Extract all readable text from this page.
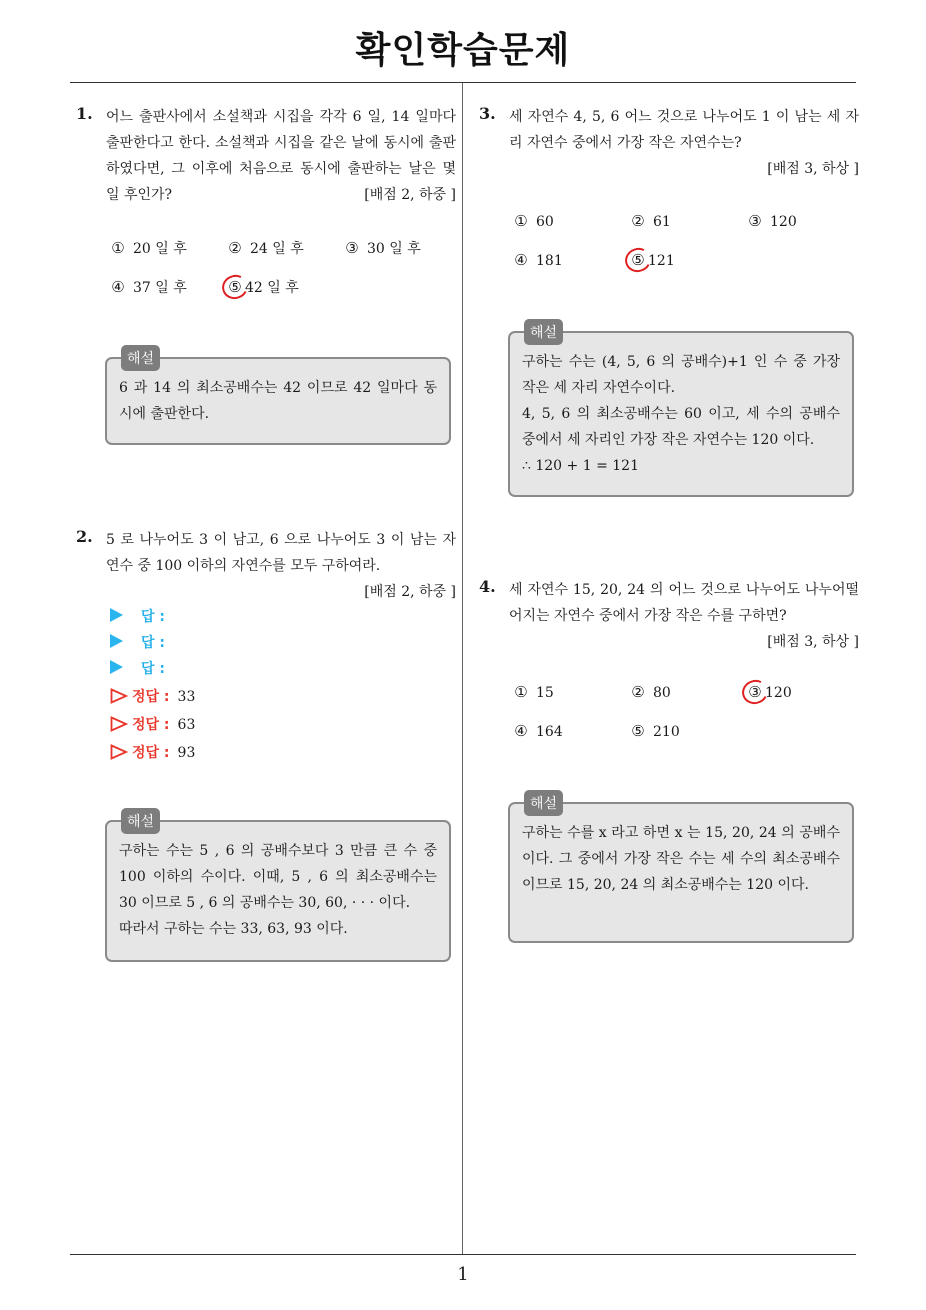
확인학습문제
1. 어느 출판사에서 소설책과 시집을 각각 6 일, 14 일마다 출판한다고 한다. 소설책과 시집을 같은 날에 동시에 출판하였다면, 그 이후에 처음으로 동시에 출판하는 날은 몇 일 후인가?	[배점 2, 하중 ]
① 20 일 후	② 24 일 후	③ 30 일 후
④ 37 일 후	⑤ 42 일 후
해설
6 과 14 의 최소공배수는 42 이므로 42 일마다 동시에 출판한다.
2. 5 로 나누어도 3 이 남고, 6 으로 나누어도 3 이 남는 자연수 중 100 이하의 자연수를 모두 구하여라.
[배점 2, 하중 ]
답 :
답 :
답 :
정답 : 33
정답 : 63
정답 : 93
해설
구하는 수는 5 , 6 의 공배수보다 3 만큼 큰 수 중 100 이하의 수이다. 이때, 5 , 6 의 최소공배수는 30 이므로 5 , 6 의 공배수는 30, 60, · · · 이다.
따라서 구하는 수는 33, 63, 93 이다.
3. 세 자연수 4, 5, 6 어느 것으로 나누어도 1 이 남는 세 자리 자연수 중에서 가장 작은 자연수는?
[배점 3, 하상 ]
① 60	② 61	③ 120
④ 181	⑤ 121
해설
구하는 수는 (4, 5, 6 의 공배수)+1 인 수 중 가장 작은 세 자리 자연수이다.
4, 5, 6 의 최소공배수는 60 이고, 세 수의 공배수 중에서 세 자리인 가장 작은 자연수는 120 이다.
∴ 120 + 1 = 121
4. 세 자연수 15, 20, 24 의 어느 것으로 나누어도 나누어떨어지는 자연수 중에서 가장 작은 수를 구하면?
[배점 3, 하상 ]
① 15	② 80	③ 120
④ 164	⑤ 210
해설
구하는 수를 x 라고 하면 x 는 15, 20, 24 의 공배수이다. 그 중에서 가장 작은 수는 세 수의 최소공배수이므로 15, 20, 24 의 최소공배수는 120 이다.
1
